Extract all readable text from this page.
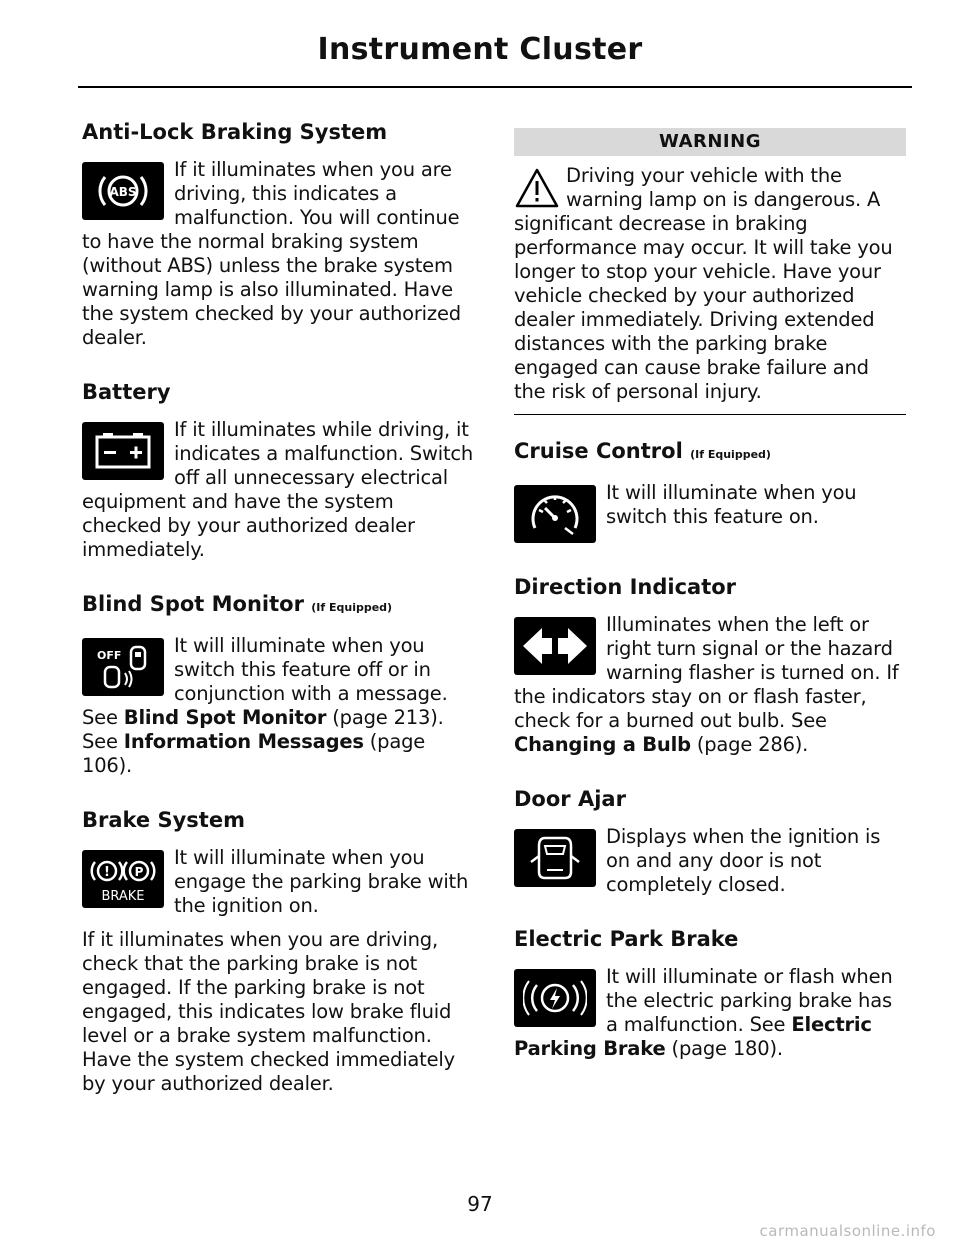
Instrument Cluster
Anti-Lock Braking System
ABS

If it illuminates when you are driving, this indicates a malfunction. You will continue to have the normal braking system (without ABS) unless the brake system warning lamp is also illuminated. Have the system checked by your authorized dealer.

Battery

If it illuminates while driving, it indicates a malfunction. Switch off all unnecessary electrical equipment and have the system checked by your authorized dealer immediately.

Blind Spot Monitor (If Equipped)
OFF	It will illuminate when you switch this feature off or in conjunction with a message.

See Blind Spot Monitor (page 213).

See Information Messages (page 106).

Brake System
! P
BRAKE

It will illuminate when you engage the parking brake with the ignition on.

If it illuminates when you are driving, check that the parking brake is not engaged. If the parking brake is not engaged, this indicates low brake fluid level or a brake system malfunction. Have the system checked immediately by your authorized dealer.

WARNING

Driving your vehicle with the warning lamp on is dangerous. A significant decrease in braking performance may occur. It will take you longer to stop your vehicle. Have your vehicle checked by your authorized dealer immediately. Driving extended distances with the parking brake engaged can cause brake failure and the risk of personal injury.

Cruise Control (If Equipped)

It will illuminate when you switch this feature on.

Direction Indicator

Illuminates when the left or right turn signal or the hazard warning flasher is turned on. If the indicators stay on or flash faster, check for a burned out bulb. See Changing a Bulb (page 286).

Door Ajar

Displays when the ignition is on and any door is not completely closed.

Electric Park Brake

It will illuminate or flash when the electric parking brake has a malfunction. See Electric Parking Brake (page 180).

97
carmanualsonline.info
